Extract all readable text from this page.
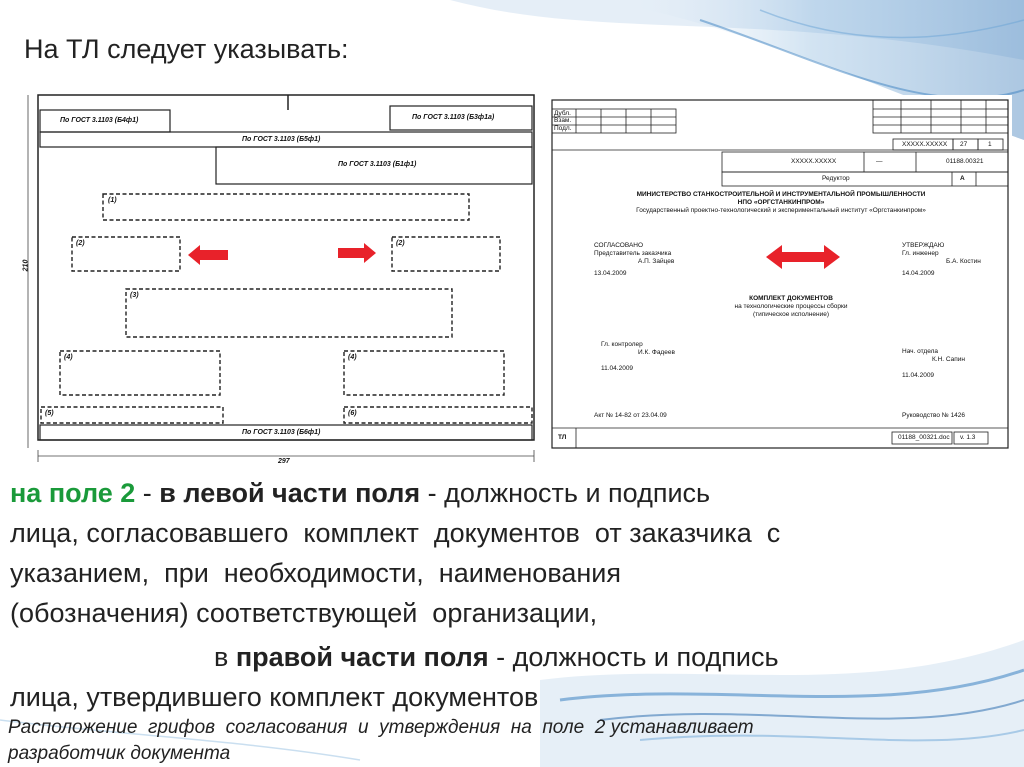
На ТЛ следует указывать:
По ГОСТ 3.1103 (Б4ф1)	По ГОСТ 3.1103 (Б3ф1а)
По ГОСТ 3.1103 (Б5ф1)
По ГОСТ 3.1103 (Б1ф1)
По ГОСТ 3.1103 (Б6ф1)
(1)
(2)	(2)
(3)
(4)	(4)
(5)	(6)
210
297
Дубл.
Взам.
Подл.
XXXXX.XXXXX 27	1
XXXXX.XXXXX	—	01188.00321
Редуктор	А
МИНИСТЕРСТВО СТАНКОСТРОИТЕЛЬНОЙ И ИНСТРУМЕНТАЛЬНОЙ ПРОМЫШЛЕННОСТИ
НПО «ОРГСТАНКИНПРОМ»
Государственный проектно-технологический и экспериментальный институт «Оргстанкинпром»
СОГЛАСОВАНО
Представитель заказчика
А.П. Зайцев
13.04.2009
УТВЕРЖДАЮ
Гл. инженер
Б.А. Костин
14.04.2009
КОМПЛЕКТ ДОКУМЕНТОВ
на технологические процессы сборки
(типическое исполнение)
Гл. контролер
И.К. Фадеев
11.04.2009
Нач. отдела
К.Н. Сапин
11.04.2009
Акт № 14-82 от 23.04.09	Руководство № 1426
ТЛ	01188_00321.doc v. 1.3
на поле 2 - в левой части поля - должность и подпись
лица, согласовавшего  комплект  документов  от заказчика  с
указанием,  при  необходимости,  наименования
(обозначения) соответствующей  организации,
в правой части поля - должность и подпись
лица, утвердившего комплект документов
Расположение  грифов  согласования  и  утверждения  на  поле  2 устанавливает
разработчик документа
